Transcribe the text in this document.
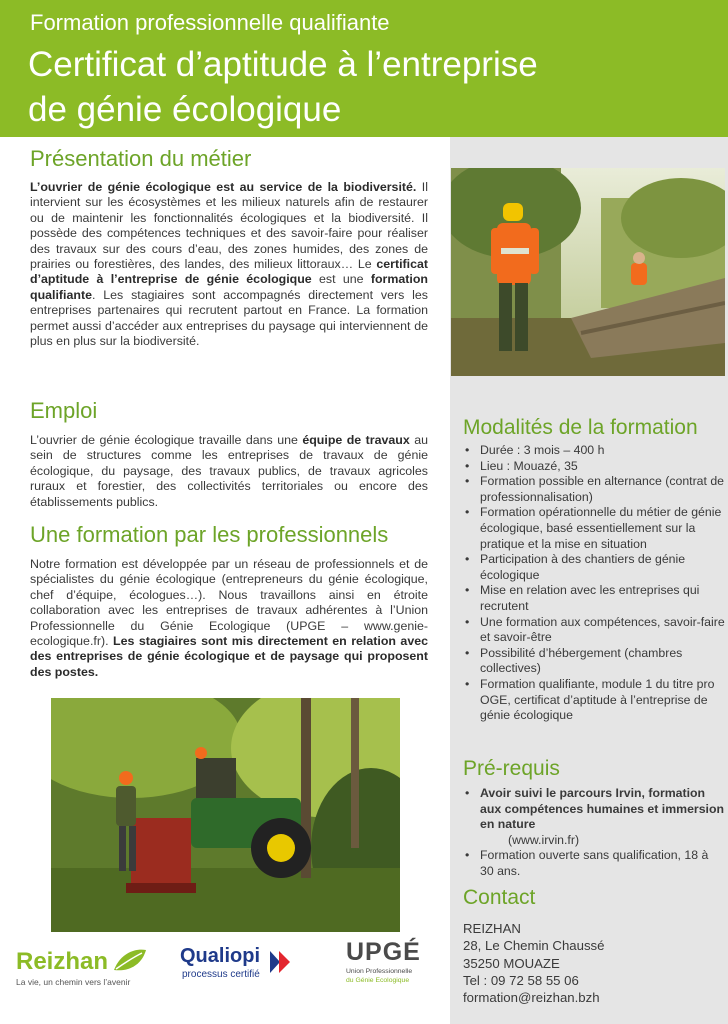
Formation professionnelle qualifiante
Certificat d’aptitude à l’entreprise
de génie écologique
Présentation du métier
L’ouvrier de génie écologique est au service de la biodiversité. Il intervient sur les écosystèmes et les milieux naturels afin de restaurer ou de maintenir les fonctionnalités écologiques et la biodiversité. Il possède des compétences techniques et des savoir-faire pour réaliser des travaux sur des cours d’eau, des zones humides, des zones de prairies ou forestières, des landes, des milieux littoraux… Le certificat d’aptitude à l’entreprise de génie écologique est une formation qualifiante. Les stagiaires sont accompagnés directement vers les entreprises partenaires qui recrutent partout en France. La formation permet aussi d’accéder aux entreprises du paysage qui interviennent de plus en plus sur la biodiversité.
Emploi
L’ouvrier de génie écologique travaille dans une équipe de travaux au sein de structures comme les entreprises de travaux de génie écologique, du paysage, des travaux publics, de travaux agricoles ruraux et forestier, des collectivités territoriales ou encore des établissements publics.
Une formation par les professionnels
Notre formation est développée par un réseau de professionnels et de spécialistes du génie écologique (entrepreneurs du génie écologique, chef d’équipe, écologues…). Nous travaillons ainsi en étroite collaboration avec les entreprises de travaux adhérentes à l’Union Professionnelle du Génie Ecologique (UPGE – www.genie-ecologique.fr). Les stagiaires sont mis directement en relation avec des entreprises de génie écologique et de paysage qui proposent des postes.
Modalités de la formation
• Durée : 3 mois – 400 h
• Lieu : Mouazé, 35
• Formation possible en alternance (contrat de professionnalisation)
• Formation opérationnelle du métier de génie écologique, basé essentiellement sur la pratique et la mise en situation
• Participation à des chantiers de génie écologique
• Mise en relation avec les entreprises qui recrutent
• Une formation aux compétences, savoir-faire et savoir-être
• Possibilité d’hébergement (chambres collectives)
• Formation qualifiante, module 1 du titre pro OGE, certificat d’aptitude à l’entreprise de génie écologique
Pré-requis
• Avoir suivi le parcours Irvin, formation aux compétences humaines et immersion en nature
(www.irvin.fr)
• Formation ouverte sans qualification, 18 à 30 ans.
Contact
REIZHAN
28, Le Chemin Chaussé
35250 MOUAZE
Tel : 09 72 58 55 06
formation@reizhan.bzh
Reizhan
La vie, un chemin vers l’avenir
Qualiopi
processus certifié
UPGÉ
Union Professionnelle
du Génie Ecologique
